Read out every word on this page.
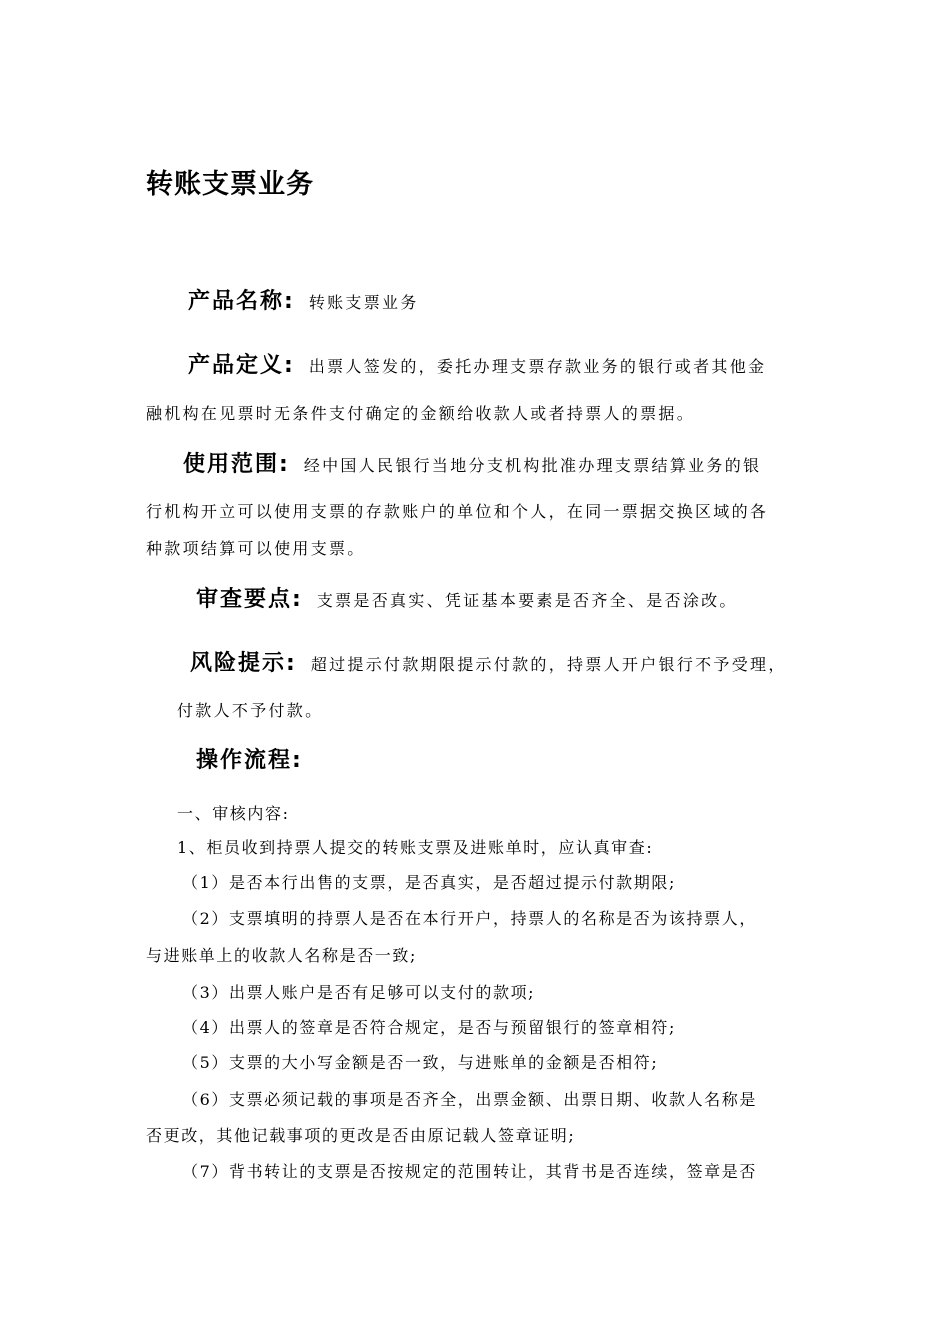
转账支票业务
产品名称: 转账支票业务
产品定义: 出票人签发的，委托办理支票存款业务的银行或者其他金
融机构在见票时无条件支付确定的金额给收款人或者持票人的票据。
使用范围: 经中国人民银行当地分支机构批准办理支票结算业务的银
行机构开立可以使用支票的存款账户的单位和个人，在同一票据交换区域的各
种款项结算可以使用支票。
审查要点: 支票是否真实、凭证基本要素是否齐全、是否涂改。
风险提示: 超过提示付款期限提示付款的，持票人开户银行不予受理，
付款人不予付款。
操作流程:
一、审核内容:
1、柜员收到持票人提交的转账支票及进账单时，应认真审查:
（1）是否本行出售的支票，是否真实，是否超过提示付款期限;
（2）支票填明的持票人是否在本行开户，持票人的名称是否为该持票人，
与进账单上的收款人名称是否一致;
（3）出票人账户是否有足够可以支付的款项;
（4）出票人的签章是否符合规定，是否与预留银行的签章相符;
（5）支票的大小写金额是否一致，与进账单的金额是否相符;
（6）支票必须记载的事项是否齐全，出票金额、出票日期、收款人名称是
否更改，其他记载事项的更改是否由原记载人签章证明;
（7）背书转让的支票是否按规定的范围转让，其背书是否连续，签章是否
